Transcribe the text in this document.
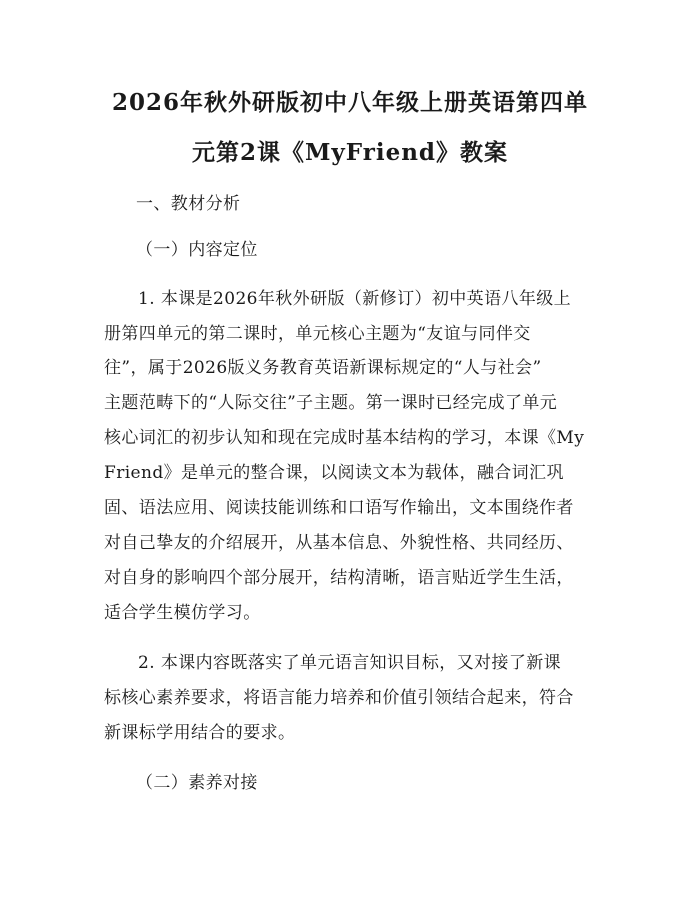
2026年秋外研版初中八年级上册英语第四单
元第2课《MyFriend》教案
一、教材分析
（一）内容定位
1. 本课是2026年秋外研版（新修订）初中英语八年级上
册第四单元的第二课时，单元核心主题为“友谊与同伴交
往”，属于2026版义务教育英语新课标规定的“人与社会”
主题范畴下的“人际交往”子主题。第一课时已经完成了单元
核心词汇的初步认知和现在完成时基本结构的学习，本课《My
Friend》是单元的整合课，以阅读文本为载体，融合词汇巩
固、语法应用、阅读技能训练和口语写作输出，文本围绕作者
对自己挚友的介绍展开，从基本信息、外貌性格、共同经历、
对自身的影响四个部分展开，结构清晰，语言贴近学生生活，
适合学生模仿学习。
2. 本课内容既落实了单元语言知识目标，又对接了新课
标核心素养要求，将语言能力培养和价值引领结合起来，符合
新课标学用结合的要求。
（二）素养对接
